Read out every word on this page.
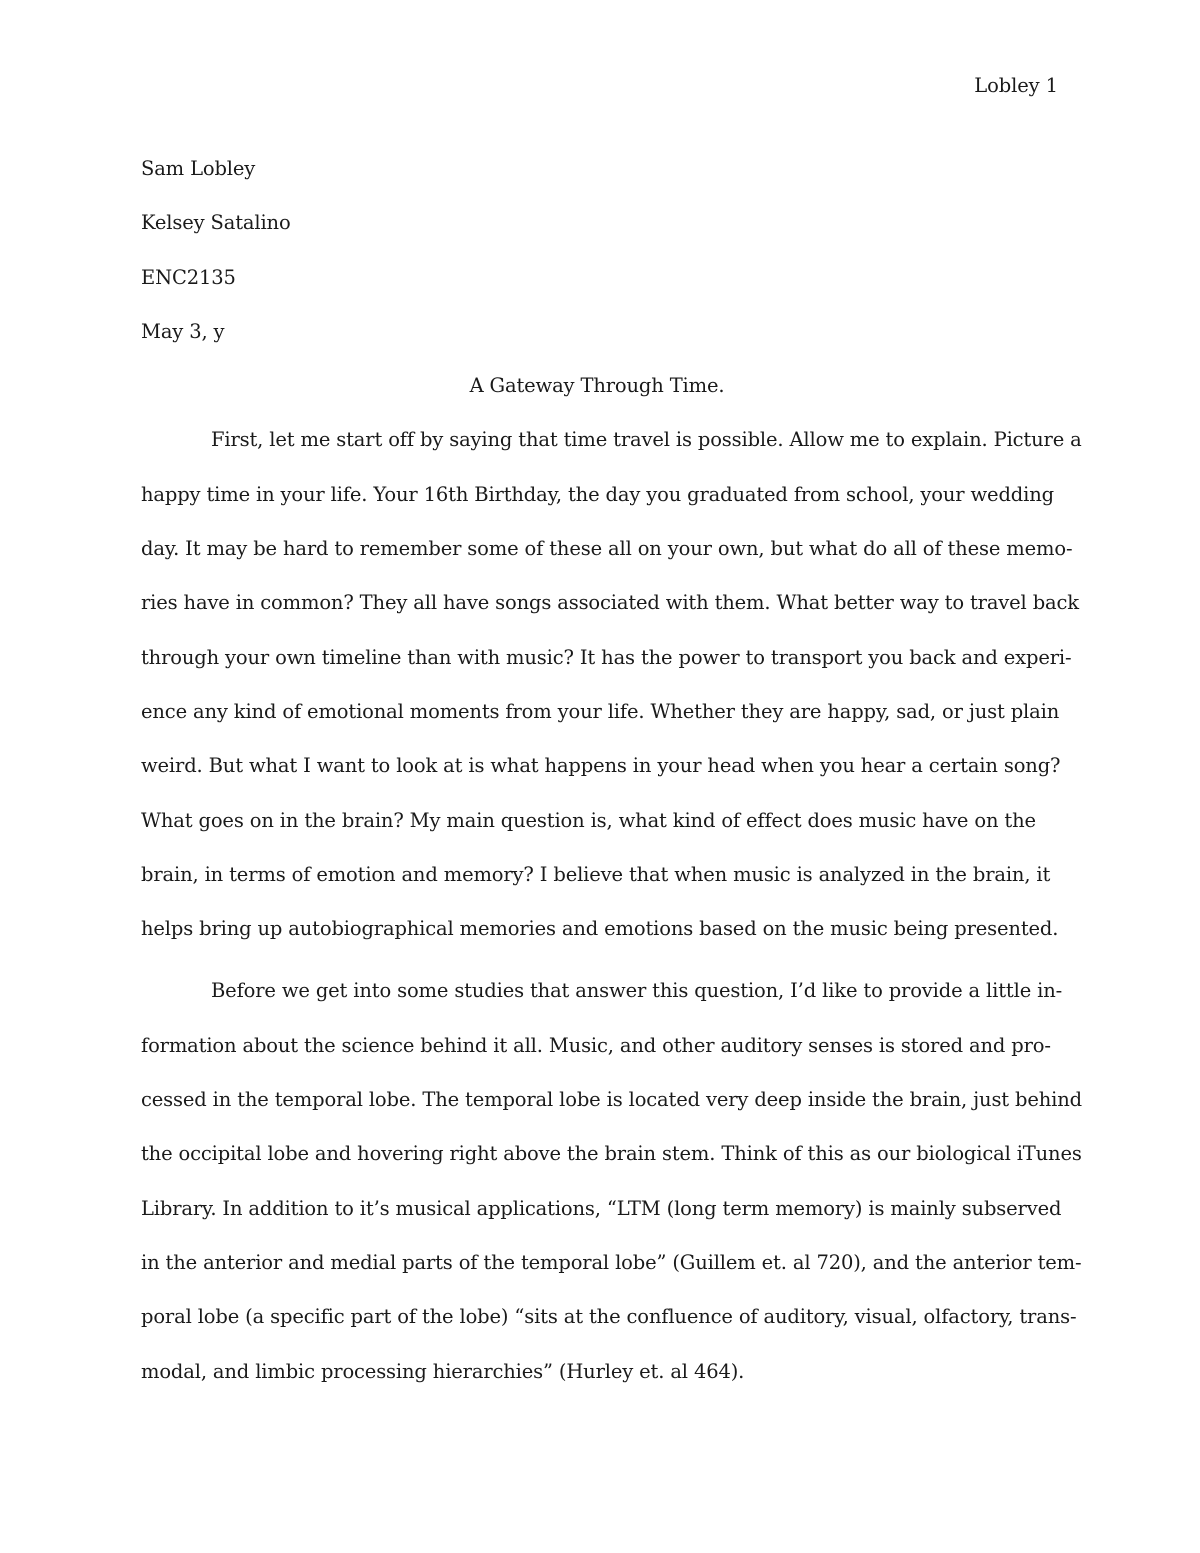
Lobley 1

Sam Lobley

Kelsey Satalino

ENC2135

May 3, y

A Gateway Through Time.

First, let me start off by saying that time travel is possible. Allow me to explain. Picture a
happy time in your life. Your 16th Birthday, the day you graduated from school, your wedding
day. It may be hard to remember some of these all on your own, but what do all of these memo-
ries have in common? They all have songs associated with them. What better way to travel back
through your own timeline than with music? It has the power to transport you back and experi-
ence any kind of emotional moments from your life. Whether they are happy, sad, or just plain
weird. But what I want to look at is what happens in your head when you hear a certain song?
What goes on in the brain? My main question is, what kind of effect does music have on the
brain, in terms of emotion and memory? I believe that when music is analyzed in the brain, it
helps bring up autobiographical memories and emotions based on the music being presented.
Before we get into some studies that answer this question, I’d like to provide a little in-
formation about the science behind it all. Music, and other auditory senses is stored and pro-
cessed in the temporal lobe. The temporal lobe is located very deep inside the brain, just behind
the occipital lobe and hovering right above the brain stem. Think of this as our biological iTunes
Library. In addition to it’s musical applications, “LTM (long term memory) is mainly subserved
in the anterior and medial parts of the temporal lobe” (Guillem et. al 720), and the anterior tem-
poral lobe (a specific part of the lobe) “sits at the confluence of auditory, visual, olfactory, trans-
modal, and limbic processing hierarchies” (Hurley et. al 464).
